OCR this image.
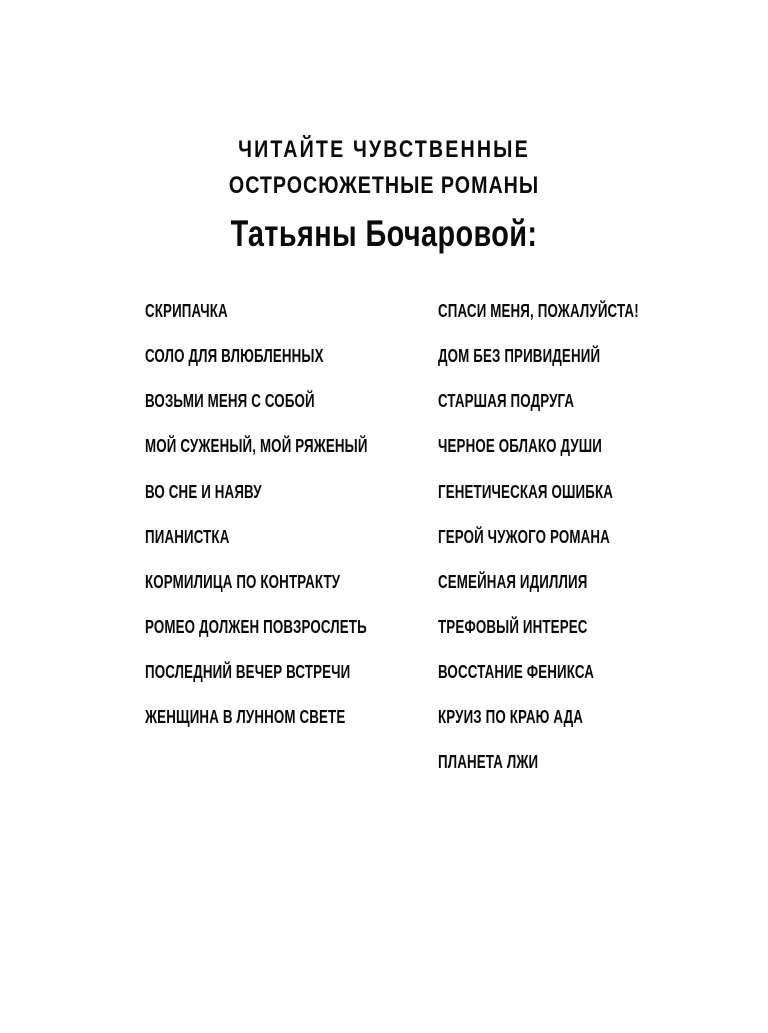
ЧИТАЙТЕ ЧУВСТВЕННЫЕ
ОСТРОСЮЖЕТНЫЕ РОМАНЫ
Татьяны Бочаровой:
СКРИПАЧКА
СОЛО ДЛЯ ВЛЮБЛЕННЫХ
ВОЗЬМИ МЕНЯ С СОБОЙ
МОЙ СУЖЕНЫЙ, МОЙ РЯЖЕНЫЙ
ВО СНЕ И НАЯВУ
ПИАНИСТКА
КОРМИЛИЦА ПО КОНТРАКТУ
РОМЕО ДОЛЖЕН ПОВЗРОСЛЕТЬ
ПОСЛЕДНИЙ ВЕЧЕР ВСТРЕЧИ
ЖЕНЩИНА В ЛУННОМ СВЕТЕ
СПАСИ МЕНЯ, ПОЖАЛУЙСТА!
ДОМ БЕЗ ПРИВИДЕНИЙ
СТАРШАЯ ПОДРУГА
ЧЕРНОЕ ОБЛАКО ДУШИ
ГЕНЕТИЧЕСКАЯ ОШИБКА
ГЕРОЙ ЧУЖОГО РОМАНА
СЕМЕЙНАЯ ИДИЛЛИЯ
ТРЕФОВЫЙ ИНТЕРЕС
ВОССТАНИЕ ФЕНИКСА
КРУИЗ ПО КРАЮ АДА
ПЛАНЕТА ЛЖИ
